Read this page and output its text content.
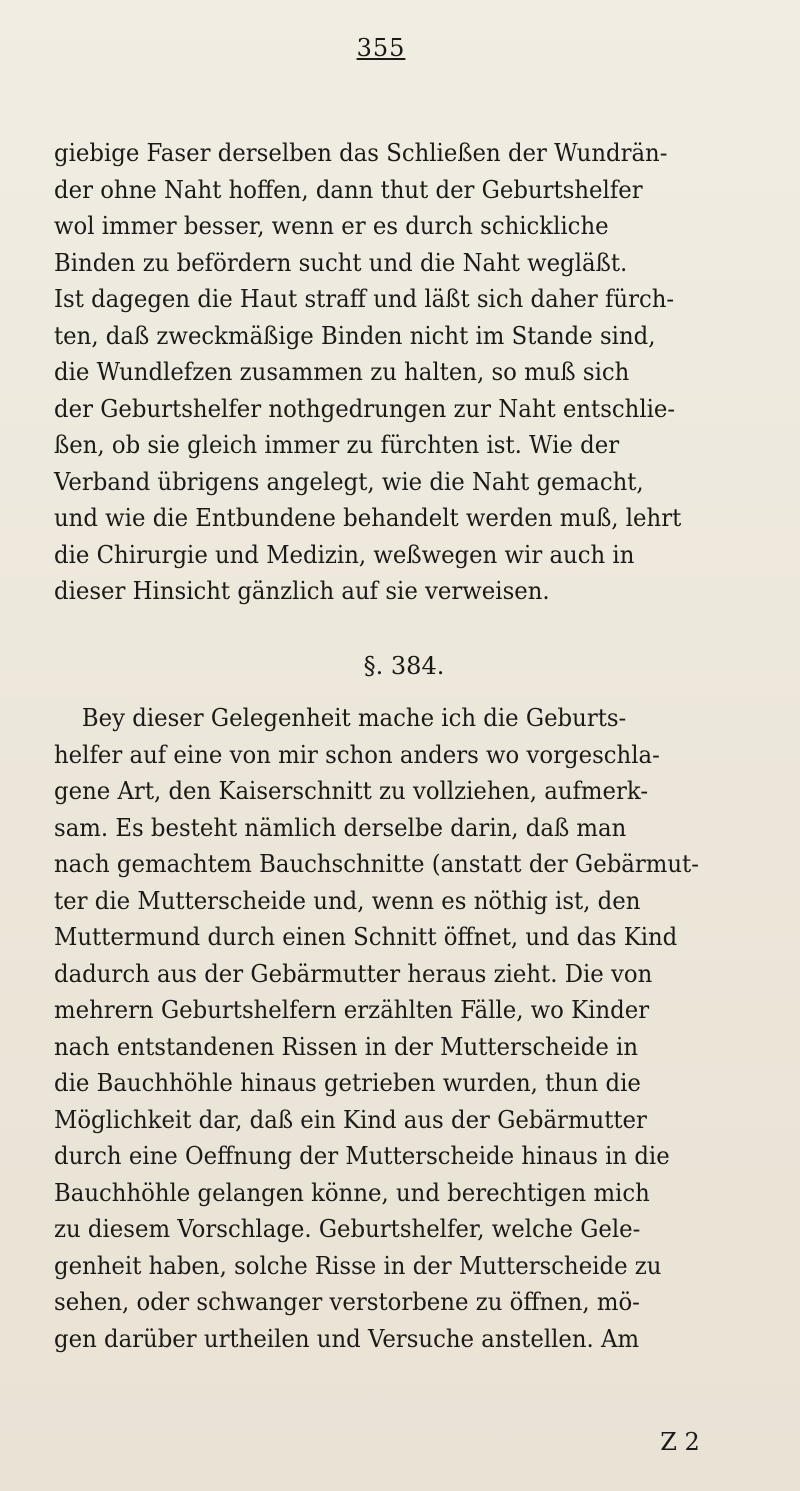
355
giebige Faser derselben das Schließen der Wundrän-
der ohne Naht hoffen, dann thut der Geburtshelfer
wol immer besser, wenn er es durch schickliche
Binden zu befördern sucht und die Naht wegläßt.
Ist dagegen die Haut straff und läßt sich daher fürch-
ten, daß zweckmäßige Binden nicht im Stande sind,
die Wundlefzen zusammen zu halten, so muß sich
der Geburtshelfer nothgedrungen zur Naht entschlie-
ßen, ob sie gleich immer zu fürchten ist. Wie der
Verband übrigens angelegt, wie die Naht gemacht,
und wie die Entbundene behandelt werden muß, lehrt
die Chirurgie und Medizin, weßwegen wir auch in
dieser Hinsicht gänzlich auf sie verweisen.
§. 384.
Bey dieser Gelegenheit mache ich die Geburts-
helfer auf eine von mir schon anders wo vorgeschla-
gene Art, den Kaiserschnitt zu vollziehen, aufmerk-
sam. Es besteht nämlich derselbe darin, daß man
nach gemachtem Bauchschnitte (anstatt der Gebärmut-
ter die Mutterscheide und, wenn es nöthig ist, den
Muttermund durch einen Schnitt öffnet, und das Kind
dadurch aus der Gebärmutter heraus zieht. Die von
mehrern Geburtshelfern erzählten Fälle, wo Kinder
nach entstandenen Rissen in der Mutterscheide in
die Bauchhöhle hinaus getrieben wurden, thun die
Möglichkeit dar, daß ein Kind aus der Gebärmutter
durch eine Oeffnung der Mutterscheide hinaus in die
Bauchhöhle gelangen könne, und berechtigen mich
zu diesem Vorschlage. Geburtshelfer, welche Gele-
genheit haben, solche Risse in der Mutterscheide zu
sehen, oder schwanger verstorbene zu öffnen, mö-
gen darüber urtheilen und Versuche anstellen. Am
Z 2
